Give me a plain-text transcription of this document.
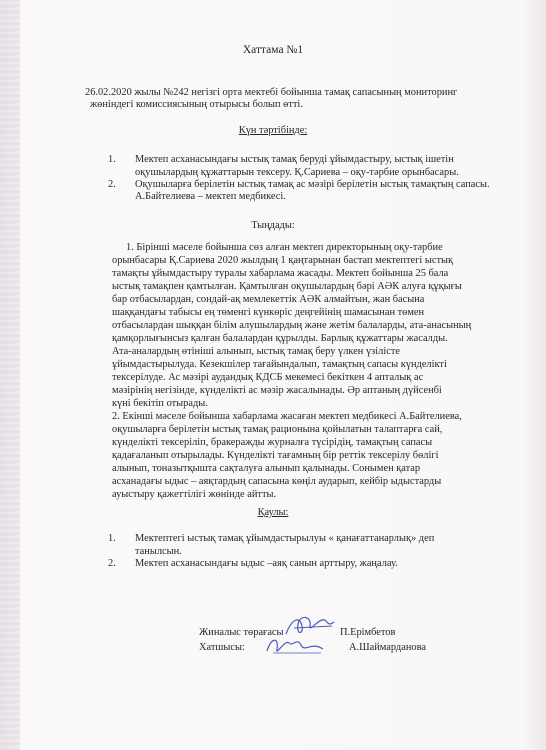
Хаттама №1
26.02.2020 жылы №242 негізгі орта мектебі бойынша тамақ сапасының мониторинг
жөніндегі комиссиясының отырысы болып өтті.
Күн тәртібінде:
1. Мектеп асханасындағы ыстық тамақ беруді ұйымдастыру, ыстық ішетін
оқушылардың құжаттарын тексеру. Қ.Сариева – оқу-тәрбие орынбасары.
2. Оқушыларға берілетін ыстық тамақ ас мәзірі берілетін ыстық тамақтың сапасы.
А.Байтелиева – мектеп медбикесі.
Тыңдады:
1. Бірінші мәселе бойынша сөз алған мектеп директорының оқу-тәрбие
орынбасары Қ.Сариева 2020 жылдың 1 қаңтарынан бастап мектептегі ыстық
тамақты ұйымдастыру туралы хабарлама жасады. Мектеп бойынша 25 бала
ыстық тамақпен қамтылған. Қамтылған оқушылардың бәрі АӘК алуға құқығы
бар отбасылардан, сондай-ақ мемлекеттік АӘК алмайтын, жан басына
шаққандағы табысы ең төменгі күнкөріс деңгейінің шамасынан төмен
отбасылардан шыққан білім алушылардың және жетім балаларды, ата-анасының
қамқорлығынсыз қалған балалардан құрылды. Барлық құжаттары жасалды.
Ата-аналардың өтініші алынып, ыстық тамақ беру үлкен үзілісте
ұйымдастырылуда. Кезекшілер тағайындалып, тамақтың сапасы күнделікті
тексерілуде. Ас мәзірі аудандық КДСБ мекемесі бекіткен 4 апталық ас
мәзірінің негізінде, күнделікті ас мәзір жасалынады. Әр аптаның дүйсенбі
күні бекітіп отырады.
2. Екінші мәселе бойынша хабарлама жасаған мектеп медбикесі А.Байтелиева,
оқушыларға берілетін ыстық тамақ рационына қойылатын талаптарға сай,
күнделікті тексеріліп, бракеражды журналға түсірідің, тамақтың сапасы
қадағаланып отырылады. Күнделікті тағамның бір реттік тексерілу бөлігі
алынып, тоназытқышта сақталуға алынып қалынады. Сонымен қатар
асханадағы ыдыс – аяқтардың сапасына көңіл аударып, кейбір ыдыстарды
ауыстыру қажеттілігі жөнінде айтты.
Қаулы:
1. Мектептегі ыстық тамақ ұйымдастырылуы « қанағаттанарлық» деп
танылсын.
2. Мектеп асханасындағы ыдыс –аяқ санын арттыру, жаңалау.
Жиналыс төрағасы	П.Ерімбетов
Хатшысы:	А.Шаймарданова
